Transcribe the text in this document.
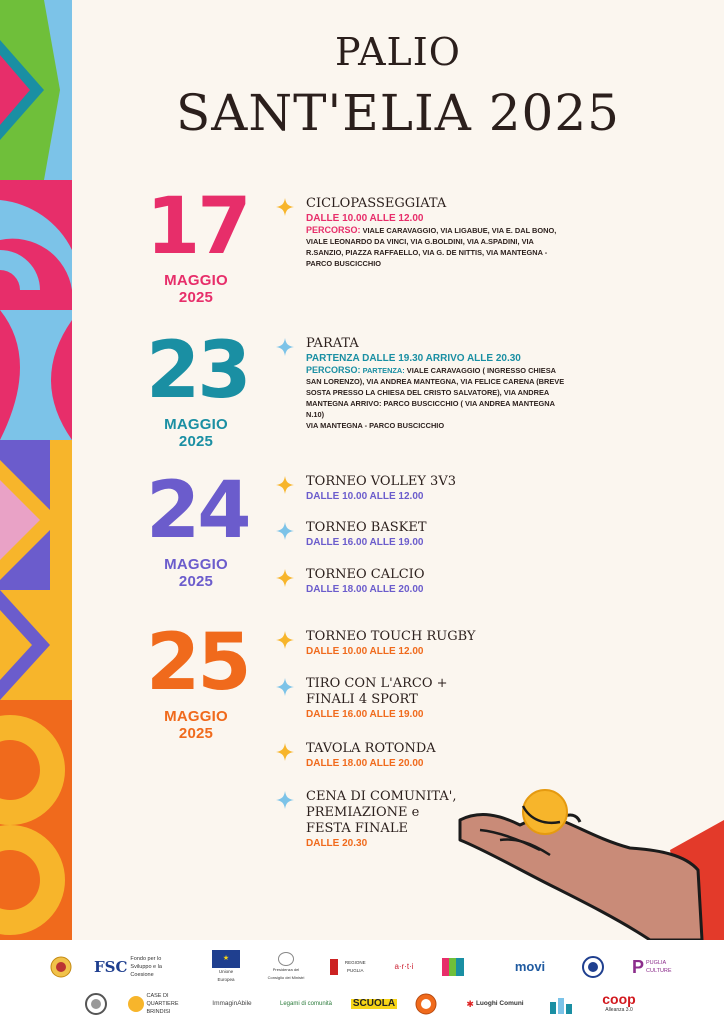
PALIO
SANT'ELIA 2025
17
MAGGIO 2025
23
MAGGIO 2025
24
MAGGIO 2025
25
MAGGIO 2025
CICLOPASSEGGIATA
DALLE 10.00 ALLE 12.00
PERCORSO: VIALE CARAVAGGIO, VIA LIGABUE, VIA E. DAL BONO, VIALE LEONARDO DA VINCI, VIA G.BOLDINI, VIA A.SPADINI, VIA R.SANZIO, PIAZZA RAFFAELLO, VIA G. DE NITTIS, VIA MANTEGNA - PARCO BUSCICCHIO
PARATA
PARTENZA DALLE 19.30 ARRIVO ALLE 20.30
PERCORSO: PARTENZA: VIALE CARAVAGGIO ( INGRESSO CHIESA SAN LORENZO), VIA ANDREA MANTEGNA, VIA FELICE CARENA (BREVE SOSTA PRESSO LA CHIESA DEL CRISTO SALVATORE), VIA ANDREA MANTEGNA ARRIVO: PARCO BUSCICCHIO ( VIA ANDREA MANTEGNA N.10)
VIA MANTEGNA - PARCO BUSCICCHIO
TORNEO VOLLEY 3V3
DALLE 10.00 ALLE 12.00
TORNEO BASKET
DALLE 16.00 ALLE 19.00
TORNEO CALCIO
DALLE 18.00 ALLE 20.00
TORNEO TOUCH RUGBY
DALLE 10.00 ALLE 12.00
TIRO CON L'ARCO +
FINALI 4 SPORT
DALLE 16.00 ALLE 19.00
TAVOLA ROTONDA
DALLE 18.00 ALLE 20.00
CENA DI COMUNITA',
PREMIAZIONE e
FESTA FINALE
DALLE 20.30
FSC Fondo per lo Sviluppo e la Coesione
★
Unione Europea
Presidenza del Consiglio dei Ministri
REGIONE PUGLIA	a·r·t·i	movi	P PUGLIA CULTURE
CASE DI QUARTIERE BRINDISI
ImmaginAbile	Legami di comunità SCUOLA	✱ Luoghi Comuni	coop
Alleanza 3.0
